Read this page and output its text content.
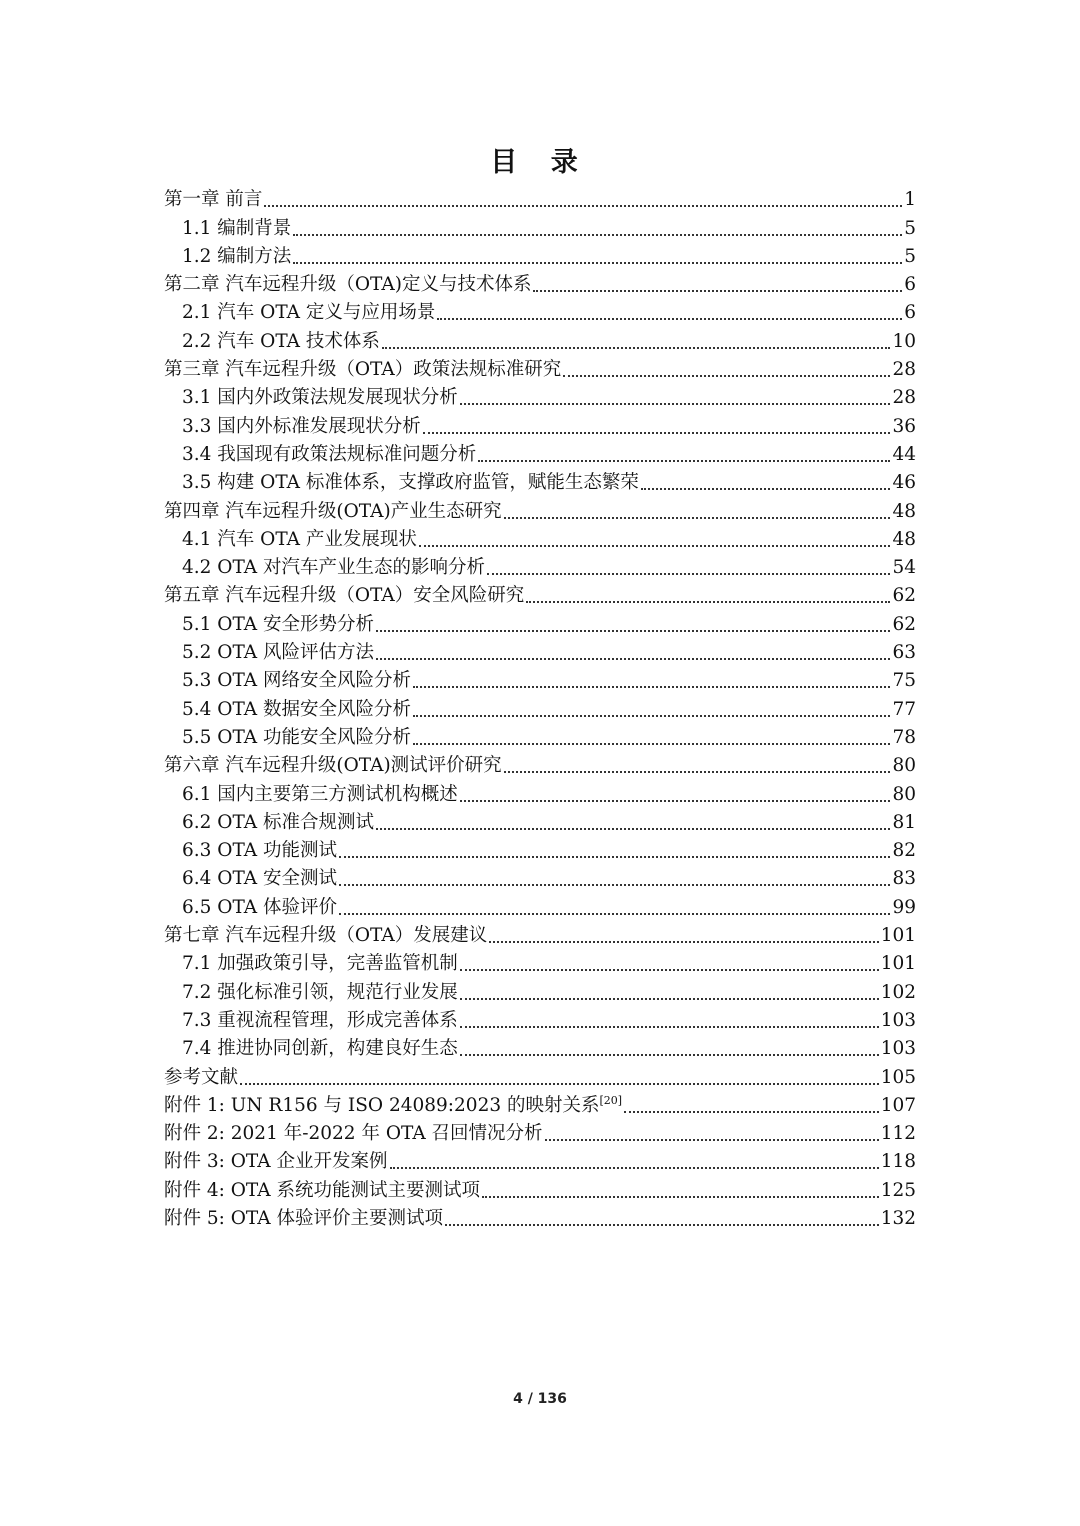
目 录
第一章 前言	1
1.1 编制背景	5
1.2 编制方法	5
第二章 汽车远程升级（OTA)定义与技术体系	6
2.1 汽车 OTA 定义与应用场景	6
2.2 汽车 OTA 技术体系	10
第三章 汽车远程升级（OTA）政策法规标准研究	28
3.1 国内外政策法规发展现状分析	28
3.3 国内外标准发展现状分析	36
3.4 我国现有政策法规标准问题分析	44
3.5 构建 OTA 标准体系，支撑政府监管，赋能生态繁荣	46
第四章 汽车远程升级(OTA)产业生态研究	48
4.1 汽车 OTA 产业发展现状	48
4.2 OTA 对汽车产业生态的影响分析	54
第五章 汽车远程升级（OTA）安全风险研究	62
5.1 OTA 安全形势分析	62
5.2 OTA 风险评估方法	63
5.3 OTA 网络安全风险分析	75
5.4 OTA 数据安全风险分析	77
5.5 OTA 功能安全风险分析	78
第六章 汽车远程升级(OTA)测试评价研究	80
6.1 国内主要第三方测试机构概述	80
6.2 OTA 标准合规测试	81
6.3 OTA 功能测试	82
6.4 OTA 安全测试	83
6.5 OTA 体验评价	99
第七章 汽车远程升级（OTA）发展建议	101
7.1 加强政策引导，完善监管机制	101
7.2 强化标准引领，规范行业发展	102
7.3 重视流程管理，形成完善体系	103
7.4 推进协同创新，构建良好生态	103
参考文献	105
附件 1: UN R156 与 ISO 24089:2023 的映射关系[20]	107
附件 2: 2021 年-2022 年 OTA 召回情况分析	112
附件 3: OTA 企业开发案例	118
附件 4: OTA 系统功能测试主要测试项	125
附件 5: OTA 体验评价主要测试项	132
4 / 136
